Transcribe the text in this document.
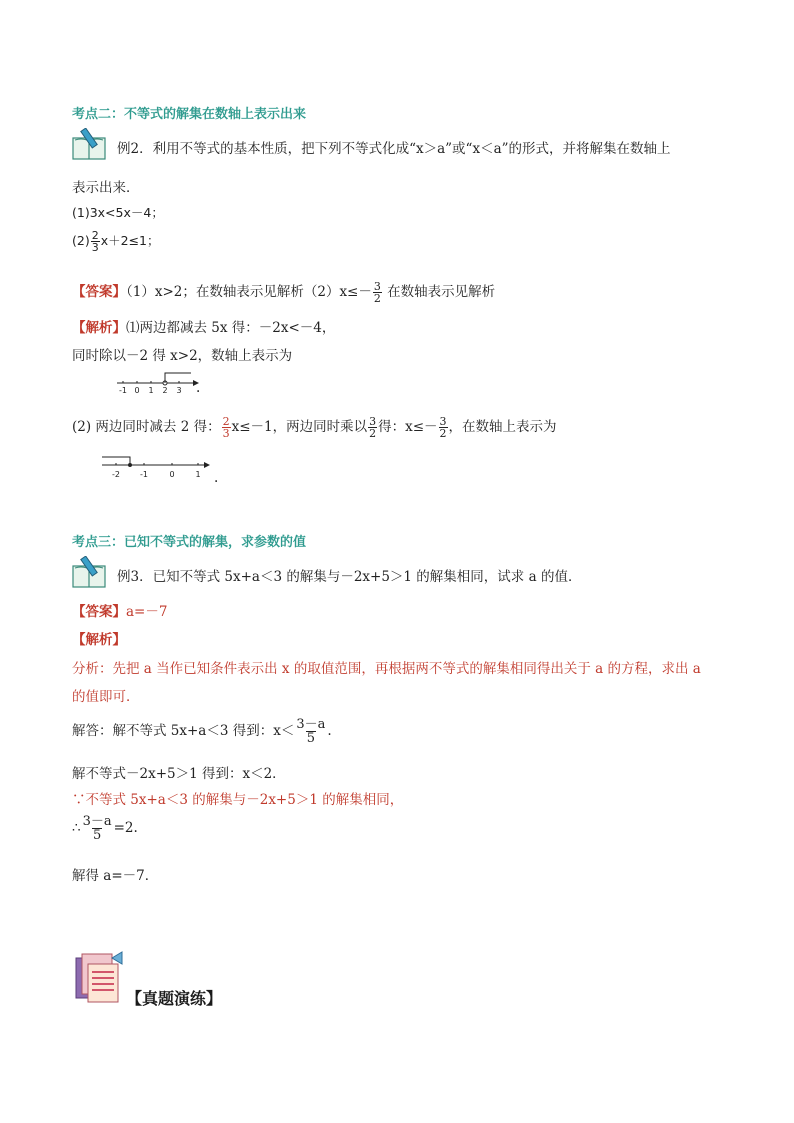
考点二：不等式的解集在数轴上表示出来
例2．利用不等式的基本性质，把下列不等式化成“x＞a”或“x＜a”的形式，并将解集在数轴上
表示出来．
(1)3x<5x－4；
$(2) \frac{2}{3} x+2\le 1$；
【答案】（1）x>2；在数轴表示见解析$(2)x\le- \frac{3}{2}$ 在数轴表示见解析
【解析】⑴两边都减去 5x 得：－2x<－4，
同时除以－2 得 x>2，数轴上表示为
-1 0 1 2 3 .
(2) 两边同时减去 2 得： $\frac{2}{3} x\le-1$，两边同时乘以 $\frac{3}{2}$ 得：$x\le- \frac{3}{2}$ ，在数轴上表示为
-2	-1	0	1 .
考点三：已知不等式的解集，求参数的值
例3．已知不等式 5x+a＜3 的解集与－2x+5＞1 的解集相同，试求 a 的值．
【答案】a=－7
【解析】
分析：先把 a 当作已知条件表示出 x 的取值范围，再根据两不等式的解集相同得出关于 a 的方程，求出 a
的值即可．
解答：解不等式 5x+a＜3 得到：$x< \frac{3-a}{5}$ .
解不等式－2x+5＞1 得到：x＜2．
∵不等式 5x+a＜3 的解集与－2x+5＞1 的解集相同，
∴ $\frac{3-a}{5} =2$.
解得 a=－7．
【真题演练】
